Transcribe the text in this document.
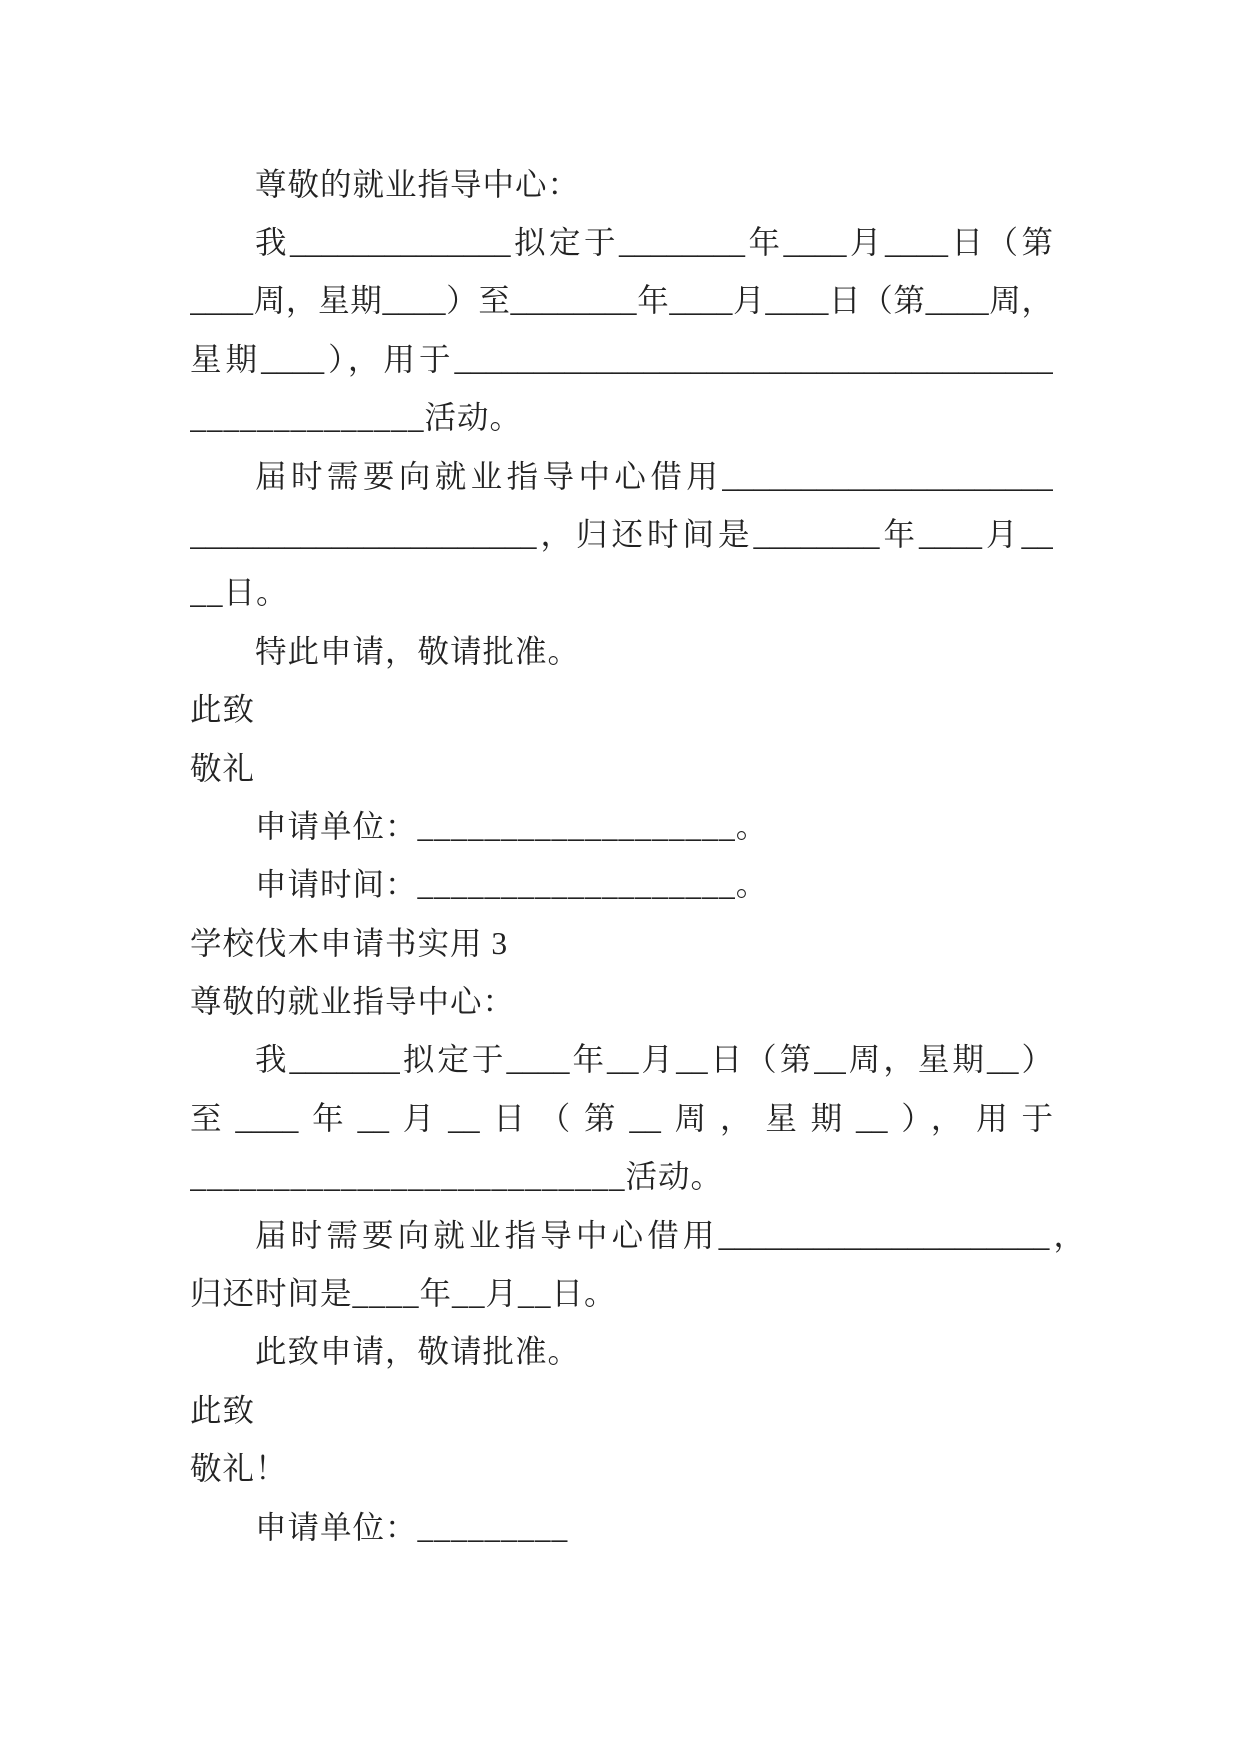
尊敬的就业指导中心：
我______________拟定于________年____月____日（第
____周，星期____）至________年____月____日（第____周，
星期____），用于______________________________________
______________活动。
届时需要向就业指导中心借用_____________________
______________________，归还时间是________年____月__
__日。
特此申请，敬请批准。
此致
敬礼
申请单位：___________________。
申请时间：___________________。
学校伐木申请书实用 3
尊敬的就业指导中心：
我_______拟定于____年__月__日（第__周，星期__）
至____年__月__日（第__周，星期__），用于
__________________________活动。
届时需要向就业指导中心借用_____________________，
归还时间是____年__月__日。
此致申请，敬请批准。
此致
敬礼！
申请单位：_________
